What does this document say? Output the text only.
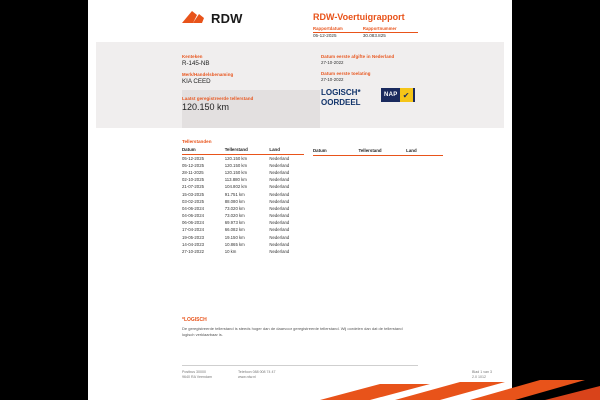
RDW	RDW-Voertuigrapport
Rapportdatum
05-12-2025
Rapportnummer
30.083.825
Kenteken
R-145-NB
Merk/Handelsbenaming
KIA CEED
Laatst geregistreerde tellerstand
120.150 km
Datum eerste afgifte in Nederland
27-10-2022
Datum eerste toelating
27-10-2022
LOGISCH*
OORDEEL
NAP ✔
Tellerstanden
Datum	Tellerstand	Land
05-12-2025	120.150 km	Nederland
05-12-2025	120.150 km	Nederland
28-11-2025	120.150 km	Nederland
02-10-2025	113.880 km	Nederland
21-07-2025	104.802 km	Nederland
15-03-2025	91.751 km	Nederland
03-02-2025	88.080 km	Nederland
04-06-2024	73.020 km	Nederland
04-06-2024	73.020 km	Nederland
06-06-2024	69.973 km	Nederland
17-04-2024	66.082 km	Nederland
19-05-2023	19.150 km	Nederland
14-04-2023	10.865 km	Nederland
27-10-2022	10 km	Nederland
Datum	Tellerstand	Land
*LOGISCH
De geregistreerde tellerstand is steeds hoger dan de daarvoor geregistreerde tellerstand. Wij oordelen dan dat de tellerstand logisch verklaarbaar is.
Postbus 30000
9640 RA Veendam
Telefoon 088 008 74 47
www.rdw.nl
Blad 1 van 3
2.0 1012
